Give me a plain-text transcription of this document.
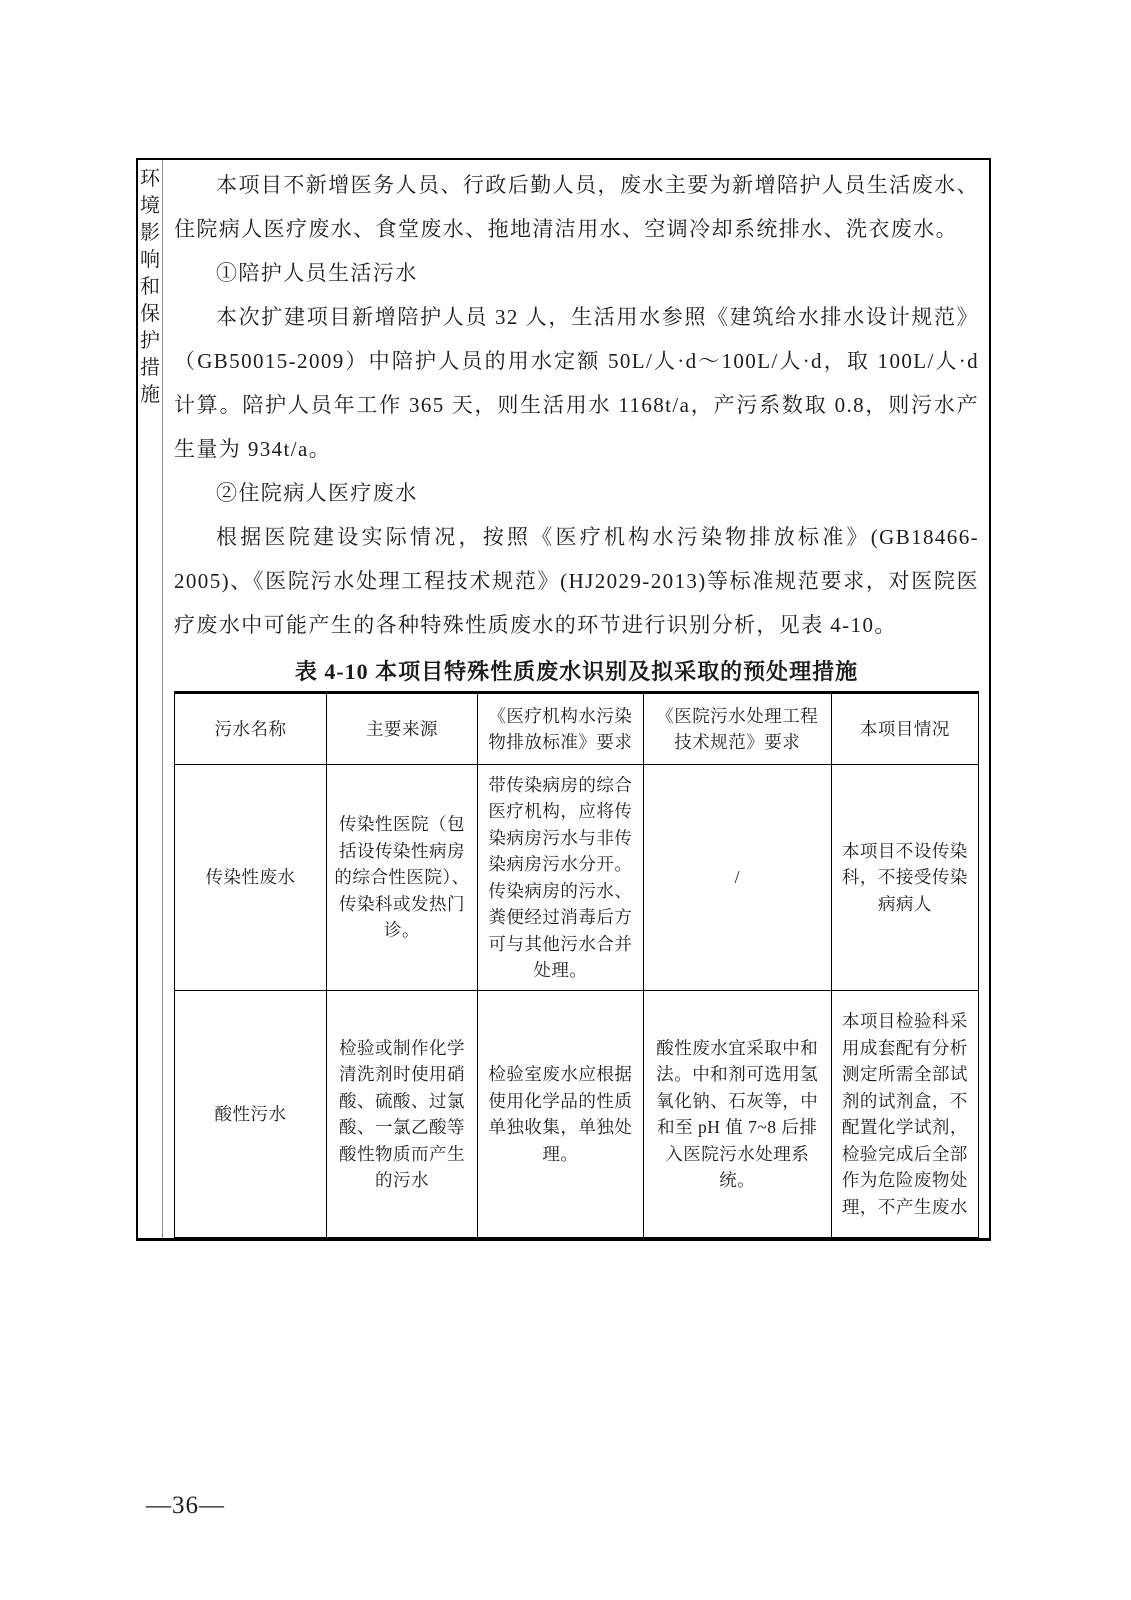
环
境
影
响
和
保
护
措
施

本项目不新增医务人员、行政后勤人员，废水主要为新增陪护人员生活废水、住院病人医疗废水、食堂废水、拖地清洁用水、空调冷却系统排水、洗衣废水。

①陪护人员生活污水

本次扩建项目新增陪护人员 32 人，生活用水参照《建筑给水排水设计规范》（GB50015-2009）中陪护人员的用水定额 50L/人·d～100L/人·d，取 100L/人·d 计算。陪护人员年工作 365 天，则生活用水 1168t/a，产污系数取 0.8，则污水产生量为 934t/a。

②住院病人医疗废水

根据医院建设实际情况，按照《医疗机构水污染物排放标准》(GB18466-2005)、《医院污水处理工程技术规范》(HJ2029-2013)等标准规范要求，对医院医疗废水中可能产生的各种特殊性质废水的环节进行识别分析，见表 4-10。

表 4-10 本项目特殊性质废水识别及拟采取的预处理措施
污水名称	主要来源	《医疗机构水污染物排放标准》要求	《医院污水处理工程技术规范》要求	本项目情况
传染性废水	传染性医院（包括设传染性病房的综合性医院）、传染科或发热门诊。	带传染病房的综合医疗机构，应将传染病房污水与非传染病房污水分开。传染病房的污水、粪便经过消毒后方可与其他污水合并处理。	/	本项目不设传染科，不接受传染病病人
酸性污水	检验或制作化学清洗剂时使用硝酸、硫酸、过氯酸、一氯乙酸等酸性物质而产生的污水	检验室废水应根据使用化学品的性质单独收集，单独处理。	酸性废水宜采取中和法。中和剂可选用氢氧化钠、石灰等，中和至 pH 值 7~8 后排入医院污水处理系统。	本项目检验科采用成套配有分析测定所需全部试剂的试剂盒，不配置化学试剂，检验完成后全部作为危险废物处理，不产生废水
—36—
